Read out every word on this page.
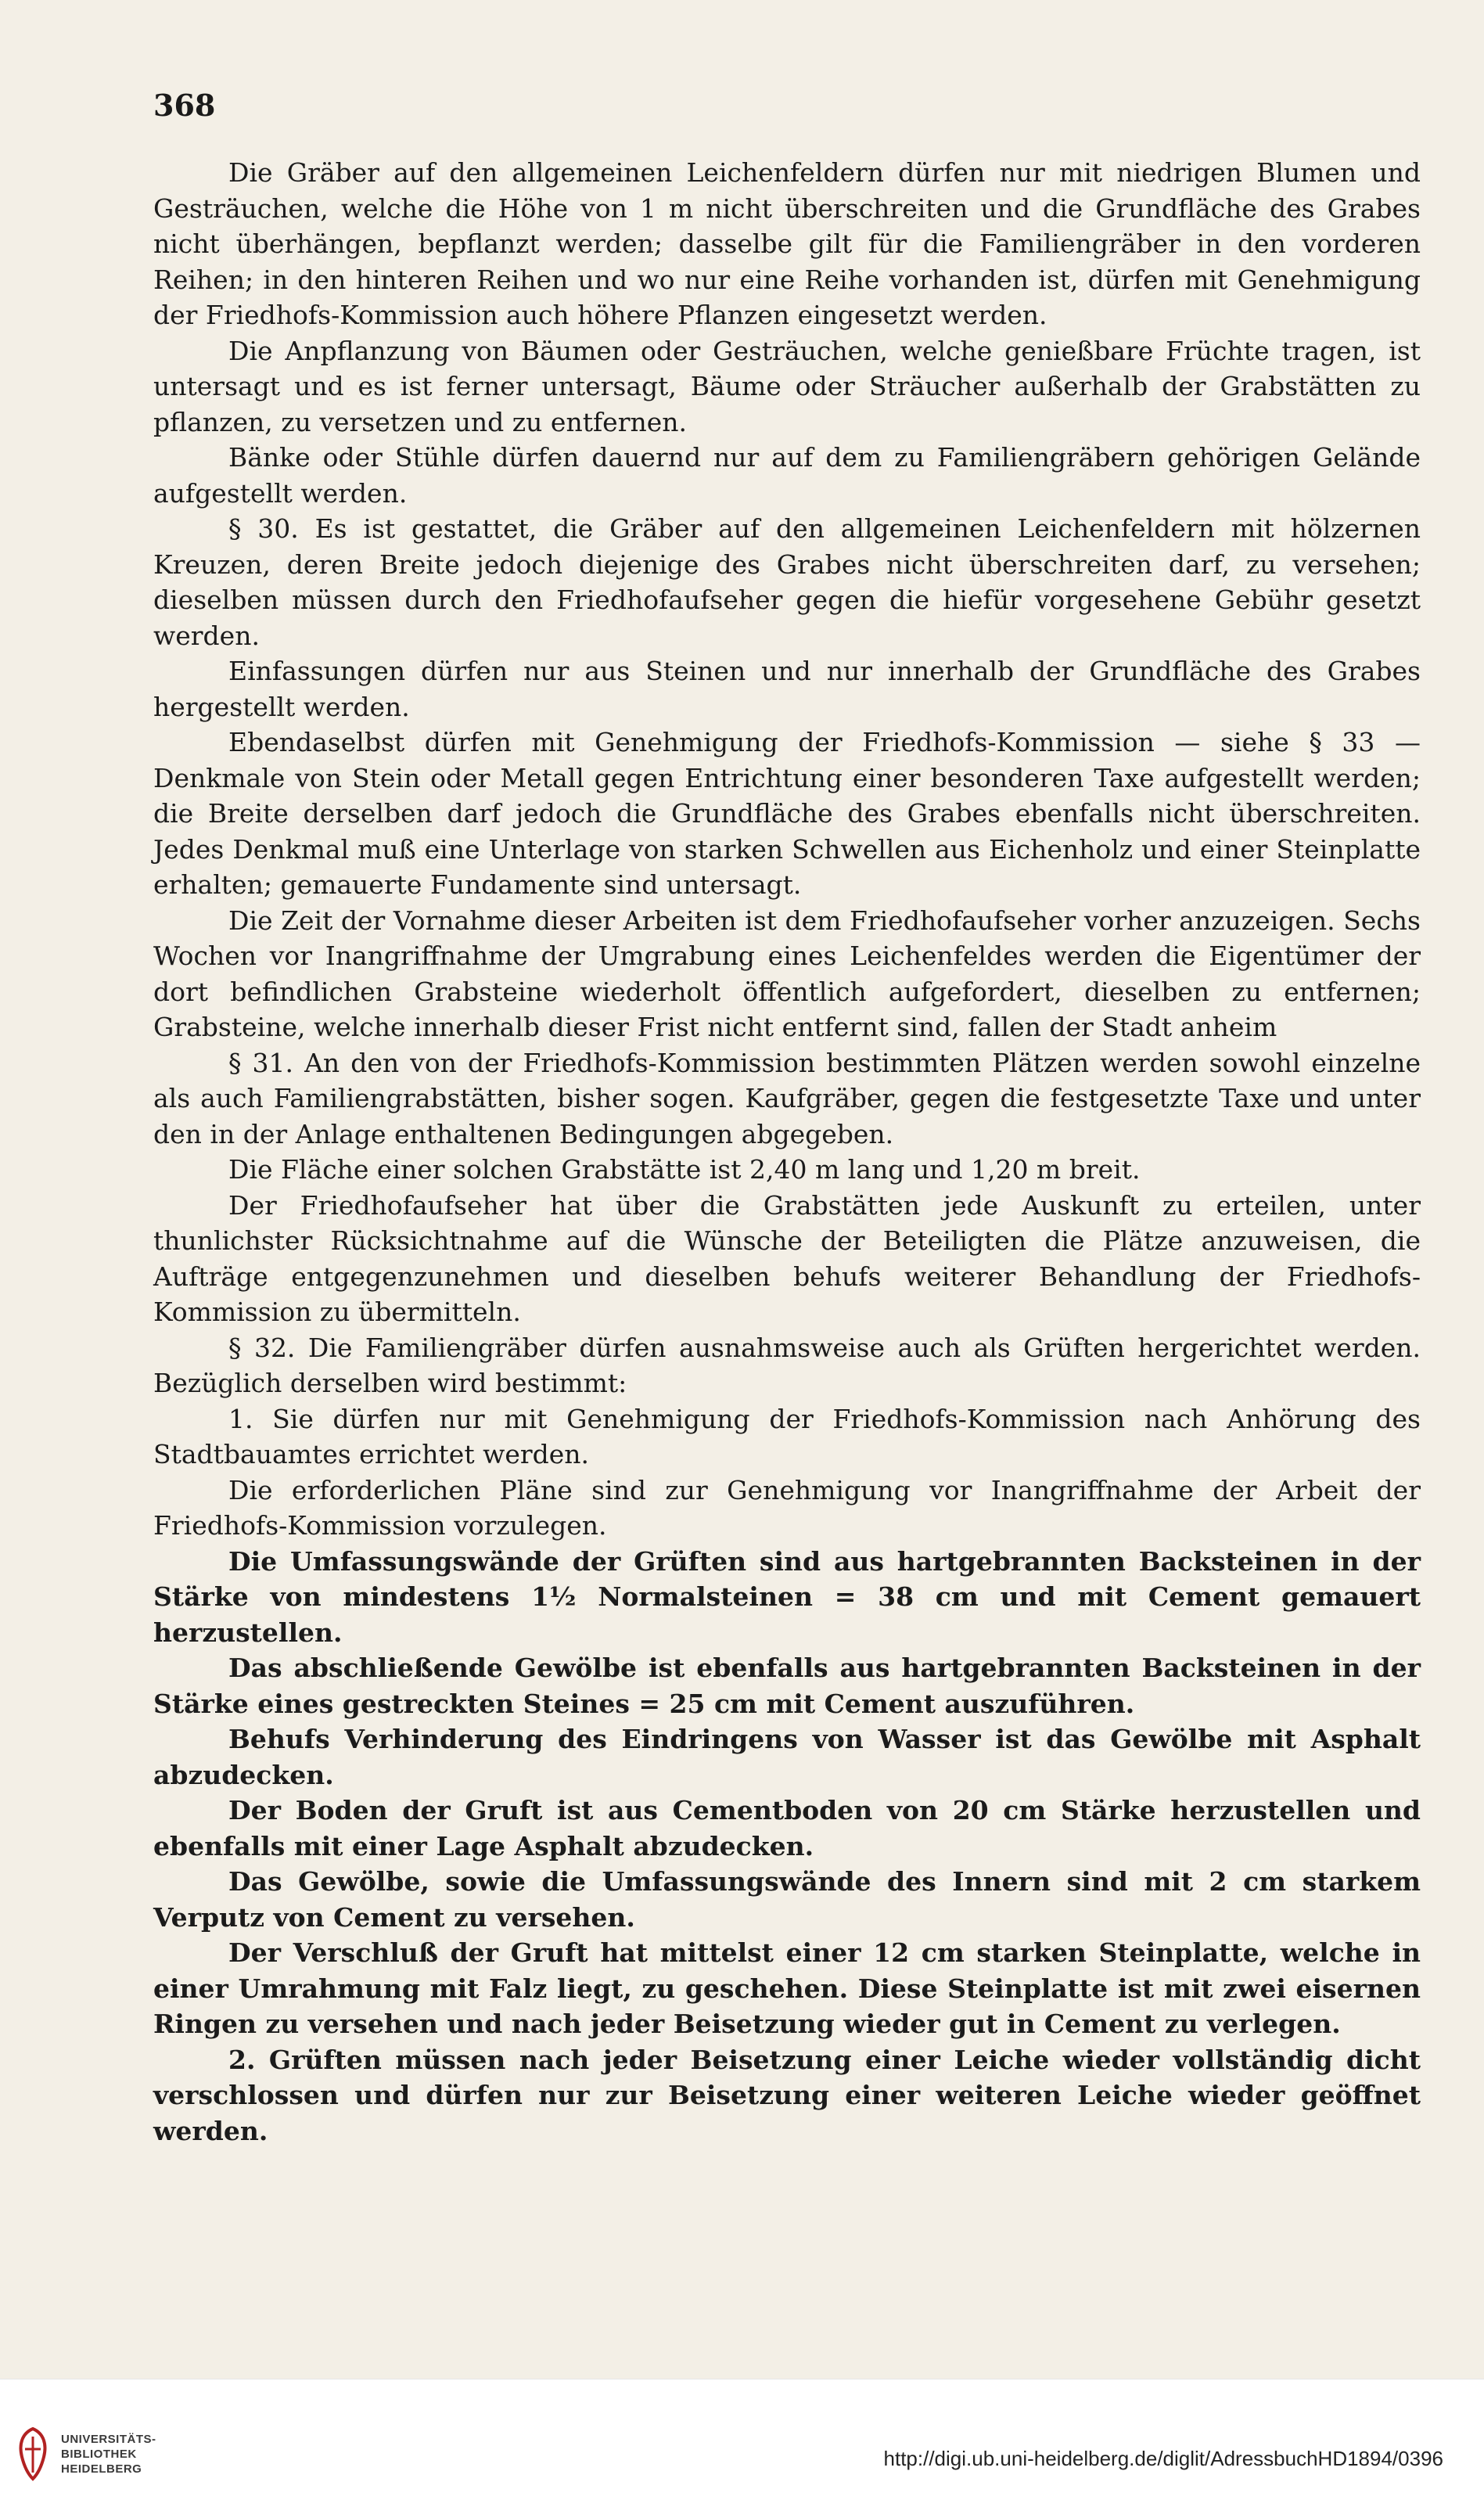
368

Die Gräber auf den allgemeinen Leichenfeldern dürfen nur mit niedrigen Blumen und Gesträuchen, welche die Höhe von 1 m nicht überschreiten und die Grundfläche des Grabes nicht überhängen, bepflanzt werden; dasselbe gilt für die Familiengräber in den vorderen Reihen; in den hinteren Reihen und wo nur eine Reihe vorhanden ist, dürfen mit Genehmigung der Friedhofs-Kommission auch höhere Pflanzen eingesetzt werden.

Die Anpflanzung von Bäumen oder Gesträuchen, welche genießbare Früchte tragen, ist untersagt und es ist ferner untersagt, Bäume oder Sträucher außerhalb der Grabstätten zu pflanzen, zu versetzen und zu entfernen.

Bänke oder Stühle dürfen dauernd nur auf dem zu Familiengräbern gehörigen Gelände aufgestellt werden.

§ 30. Es ist gestattet, die Gräber auf den allgemeinen Leichenfeldern mit hölzernen Kreuzen, deren Breite jedoch diejenige des Grabes nicht überschreiten darf, zu versehen; dieselben müssen durch den Friedhofaufseher gegen die hiefür vorgesehene Gebühr gesetzt werden.

Einfassungen dürfen nur aus Steinen und nur innerhalb der Grundfläche des Grabes hergestellt werden.

Ebendaselbst dürfen mit Genehmigung der Friedhofs-Kommission — siehe § 33 — Denkmale von Stein oder Metall gegen Entrichtung einer besonderen Taxe aufgestellt werden; die Breite derselben darf jedoch die Grundfläche des Grabes ebenfalls nicht überschreiten. Jedes Denkmal muß eine Unterlage von starken Schwellen aus Eichenholz und einer Steinplatte erhalten; gemauerte Fundamente sind untersagt.

Die Zeit der Vornahme dieser Arbeiten ist dem Friedhofaufseher vorher anzuzeigen. Sechs Wochen vor Inangriffnahme der Umgrabung eines Leichenfeldes werden die Eigentümer der dort befindlichen Grabsteine wiederholt öffentlich aufgefordert, dieselben zu entfernen; Grabsteine, welche innerhalb dieser Frist nicht entfernt sind, fallen der Stadt anheim

§ 31. An den von der Friedhofs-Kommission bestimmten Plätzen werden sowohl einzelne als auch Familiengrabstätten, bisher sogen. Kaufgräber, gegen die festgesetzte Taxe und unter den in der Anlage enthaltenen Bedingungen abgegeben.

Die Fläche einer solchen Grabstätte ist 2,40 m lang und 1,20 m breit.

Der Friedhofaufseher hat über die Grabstätten jede Auskunft zu erteilen, unter thunlichster Rücksichtnahme auf die Wünsche der Beteiligten die Plätze anzuweisen, die Aufträge entgegenzunehmen und dieselben behufs weiterer Behandlung der Friedhofs-Kommission zu übermitteln.

§ 32. Die Familiengräber dürfen ausnahmsweise auch als Grüften hergerichtet werden. Bezüglich derselben wird bestimmt:

1. Sie dürfen nur mit Genehmigung der Friedhofs-Kommission nach Anhörung des Stadtbauamtes errichtet werden.

Die erforderlichen Pläne sind zur Genehmigung vor Inangriffnahme der Arbeit der Friedhofs-Kommission vorzulegen.

Die Umfassungswände der Grüften sind aus hartgebrannten Backsteinen in der Stärke von mindestens 1½ Normalsteinen = 38 cm und mit Cement gemauert herzustellen.

Das abschließende Gewölbe ist ebenfalls aus hartgebrannten Backsteinen in der Stärke eines gestreckten Steines = 25 cm mit Cement auszuführen.

Behufs Verhinderung des Eindringens von Wasser ist das Gewölbe mit Asphalt abzudecken.

Der Boden der Gruft ist aus Cementboden von 20 cm Stärke herzustellen und ebenfalls mit einer Lage Asphalt abzudecken.

Das Gewölbe, sowie die Umfassungswände des Innern sind mit 2 cm starkem Verputz von Cement zu versehen.

Der Verschluß der Gruft hat mittelst einer 12 cm starken Steinplatte, welche in einer Umrahmung mit Falz liegt, zu geschehen. Diese Steinplatte ist mit zwei eisernen Ringen zu versehen und nach jeder Beisetzung wieder gut in Cement zu verlegen.

2. Grüften müssen nach jeder Beisetzung einer Leiche wieder vollständig dicht verschlossen und dürfen nur zur Beisetzung einer weiteren Leiche wieder geöffnet werden.

UNIVERSITÄTS-
BIBLIOTHEK
HEIDELBERG	http://digi.ub.uni-heidelberg.de/diglit/AdressbuchHD1894/0396
